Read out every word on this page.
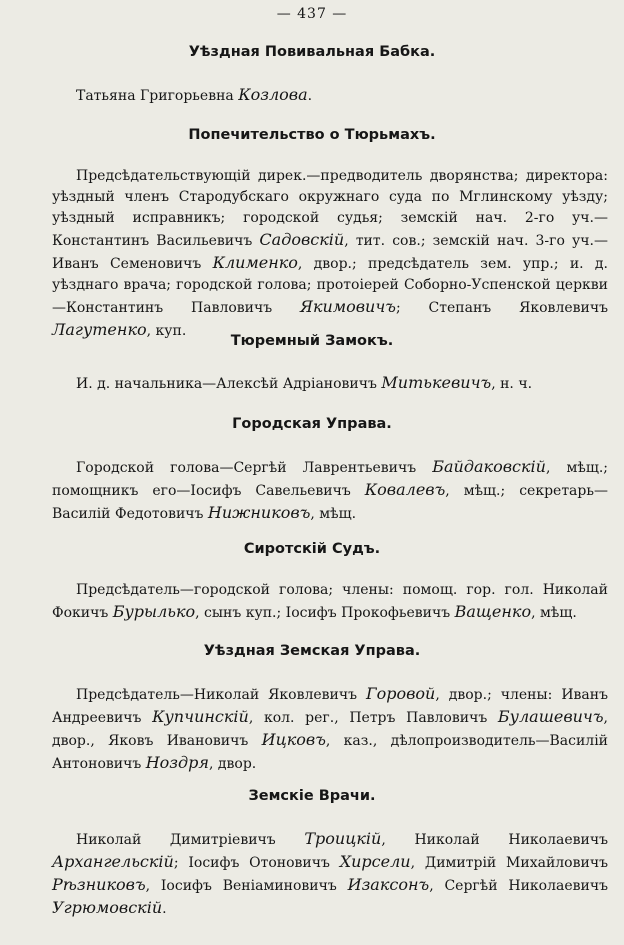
— 437 —
Уѣздная Повивальная Бабка.
Татьяна Григорьевна Козлова.
Попечительство о Тюрьмахъ.
Предсѣдательствующій дирек.—предводитель дворянства; директора: уѣздный членъ Стародубскаго окружнаго суда по Мглинскому уѣзду; уѣздный исправникъ; городской судья; земскій нач. 2-го уч.—Константинъ Васильевичъ Садовскій, тит. сов.; земскій нач. 3-го уч.—Иванъ Семеновичъ Клименко, двор.; предсѣдатель зем. упр.; и. д. уѣзднаго врача; городской голова; протоіерей Соборно-Успенской церкви—Константинъ Павловичъ Якимовичъ; Степанъ Яковлевичъ Лагутенко, куп.
Тюремный Замокъ.
И. д. начальника—Алексѣй Адріановичъ Митькевичъ, н. ч.
Городская Управа.
Городской голова—Сергѣй Лаврентьевичъ Байдаковскій, мѣщ.; помощникъ его—Іосифъ Савельевичъ Ковалевъ, мѣщ.; секретарь—Василій Федотовичъ Нижниковъ, мѣщ.
Сиротскій Судъ.
Предсѣдатель—городской голова; члены: помощ. гор. гол. Николай Фокичъ Бурылько, сынъ куп.; Іосифъ Прокофьевичъ Ващенко, мѣщ.
Уѣздная Земская Управа.
Предсѣдатель—Николай Яковлевичъ Горовой, двор.; члены: Иванъ Андреевичъ Купчинскій, кол. рег., Петръ Павловичъ Булашевичъ, двор., Яковъ Ивановичъ Ицковъ, каз., дѣлопроизводитель—Василій Антоновичъ Ноздря, двор.
Земскіе Врачи.
Николай Димитріевичъ Троицкій, Николай Николаевичъ Архангельскій; Іосифъ Отоновичъ Хирсели, Димитрій Михайловичъ Рѣзниковъ, Іосифъ Веніаминовичъ Изаксонъ, Сергѣй Николаевичъ Угрюмовскій.
